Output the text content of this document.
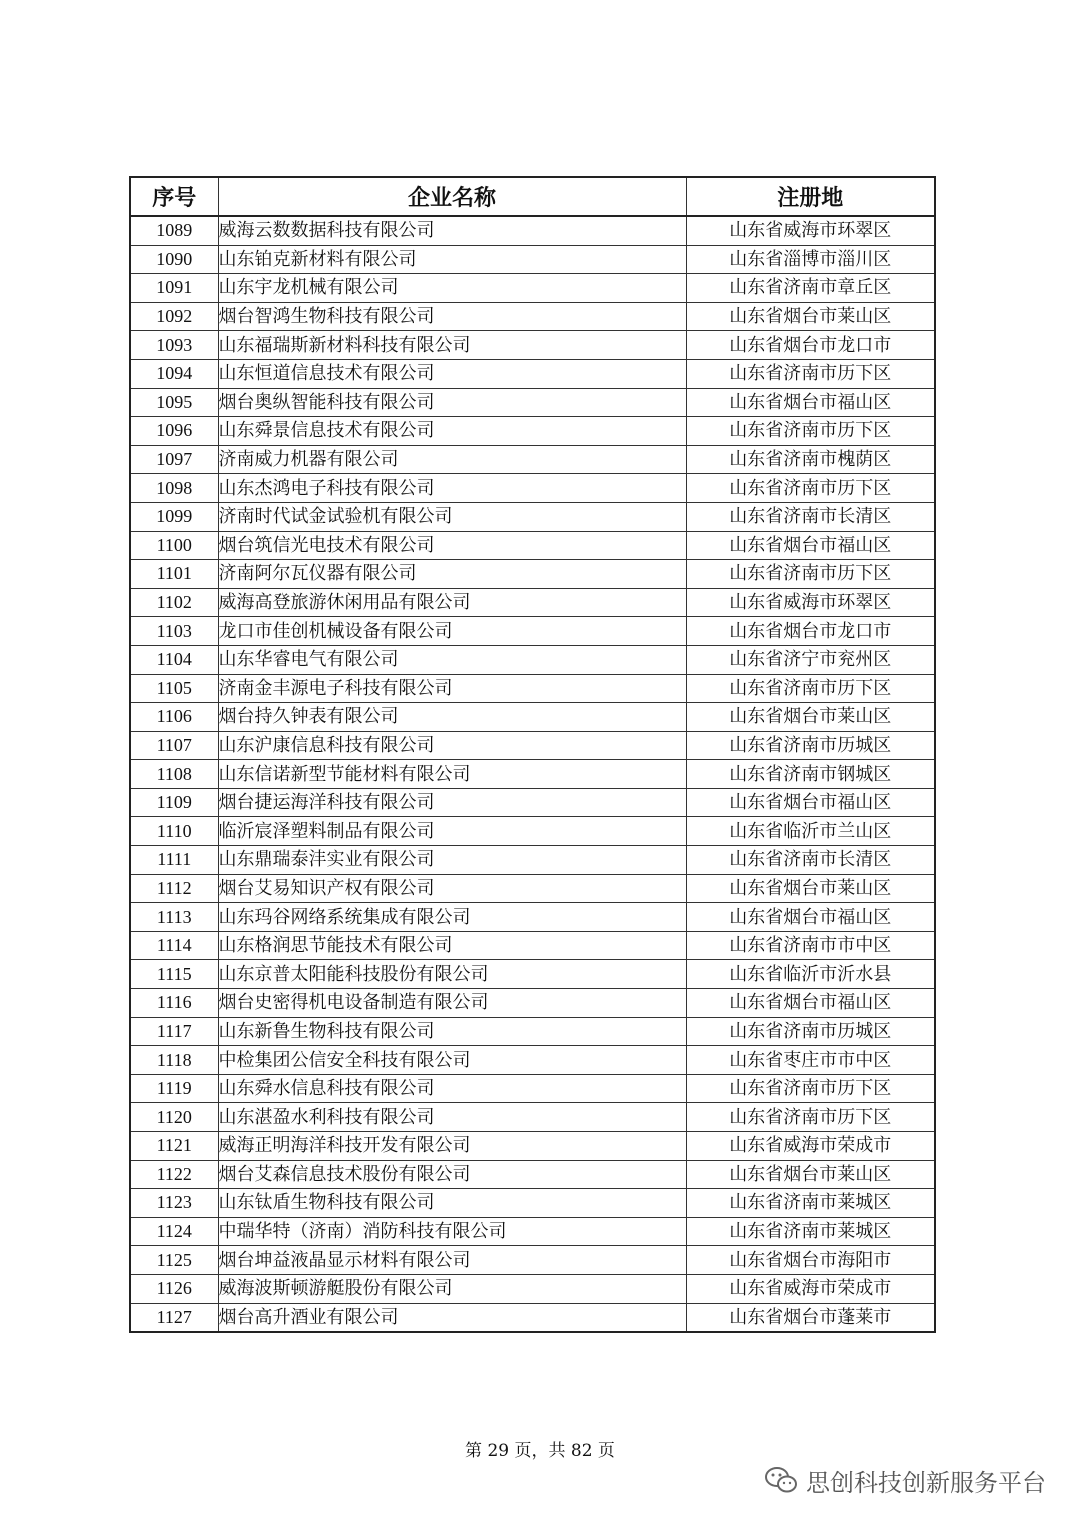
序号	企业名称	注册地
1089	威海云数数据科技有限公司	山东省威海市环翠区
1090	山东铂克新材料有限公司	山东省淄博市淄川区
1091	山东宇龙机械有限公司	山东省济南市章丘区
1092	烟台智鸿生物科技有限公司	山东省烟台市莱山区
1093	山东福瑞斯新材料科技有限公司	山东省烟台市龙口市
1094	山东恒道信息技术有限公司	山东省济南市历下区
1095	烟台奥纵智能科技有限公司	山东省烟台市福山区
1096	山东舜景信息技术有限公司	山东省济南市历下区
1097	济南威力机器有限公司	山东省济南市槐荫区
1098	山东杰鸿电子科技有限公司	山东省济南市历下区
1099	济南时代试金试验机有限公司	山东省济南市长清区
1100	烟台筑信光电技术有限公司	山东省烟台市福山区
1101	济南阿尔瓦仪器有限公司	山东省济南市历下区
1102	威海高登旅游休闲用品有限公司	山东省威海市环翠区
1103	龙口市佳创机械设备有限公司	山东省烟台市龙口市
1104	山东华睿电气有限公司	山东省济宁市兖州区
1105	济南金丰源电子科技有限公司	山东省济南市历下区
1106	烟台持久钟表有限公司	山东省烟台市莱山区
1107	山东沪康信息科技有限公司	山东省济南市历城区
1108	山东信诺新型节能材料有限公司	山东省济南市钢城区
1109	烟台捷运海洋科技有限公司	山东省烟台市福山区
1110	临沂宸泽塑料制品有限公司	山东省临沂市兰山区
1111	山东鼎瑞泰沣实业有限公司	山东省济南市长清区
1112	烟台艾易知识产权有限公司	山东省烟台市莱山区
1113	山东玛谷网络系统集成有限公司	山东省烟台市福山区
1114	山东格润思节能技术有限公司	山东省济南市市中区
1115	山东京普太阳能科技股份有限公司	山东省临沂市沂水县
1116	烟台史密得机电设备制造有限公司	山东省烟台市福山区
1117	山东新鲁生物科技有限公司	山东省济南市历城区
1118	中检集团公信安全科技有限公司	山东省枣庄市市中区
1119	山东舜水信息科技有限公司	山东省济南市历下区
1120	山东湛盈水利科技有限公司	山东省济南市历下区
1121	威海正明海洋科技开发有限公司	山东省威海市荣成市
1122	烟台艾森信息技术股份有限公司	山东省烟台市莱山区
1123	山东钛盾生物科技有限公司	山东省济南市莱城区
1124	中瑞华特（济南）消防科技有限公司	山东省济南市莱城区
1125	烟台坤益液晶显示材料有限公司	山东省烟台市海阳市
1126	威海波斯顿游艇股份有限公司	山东省威海市荣成市
1127	烟台高升酒业有限公司	山东省烟台市蓬莱市
第 29 页，共 82 页
思创科技创新服务平台
